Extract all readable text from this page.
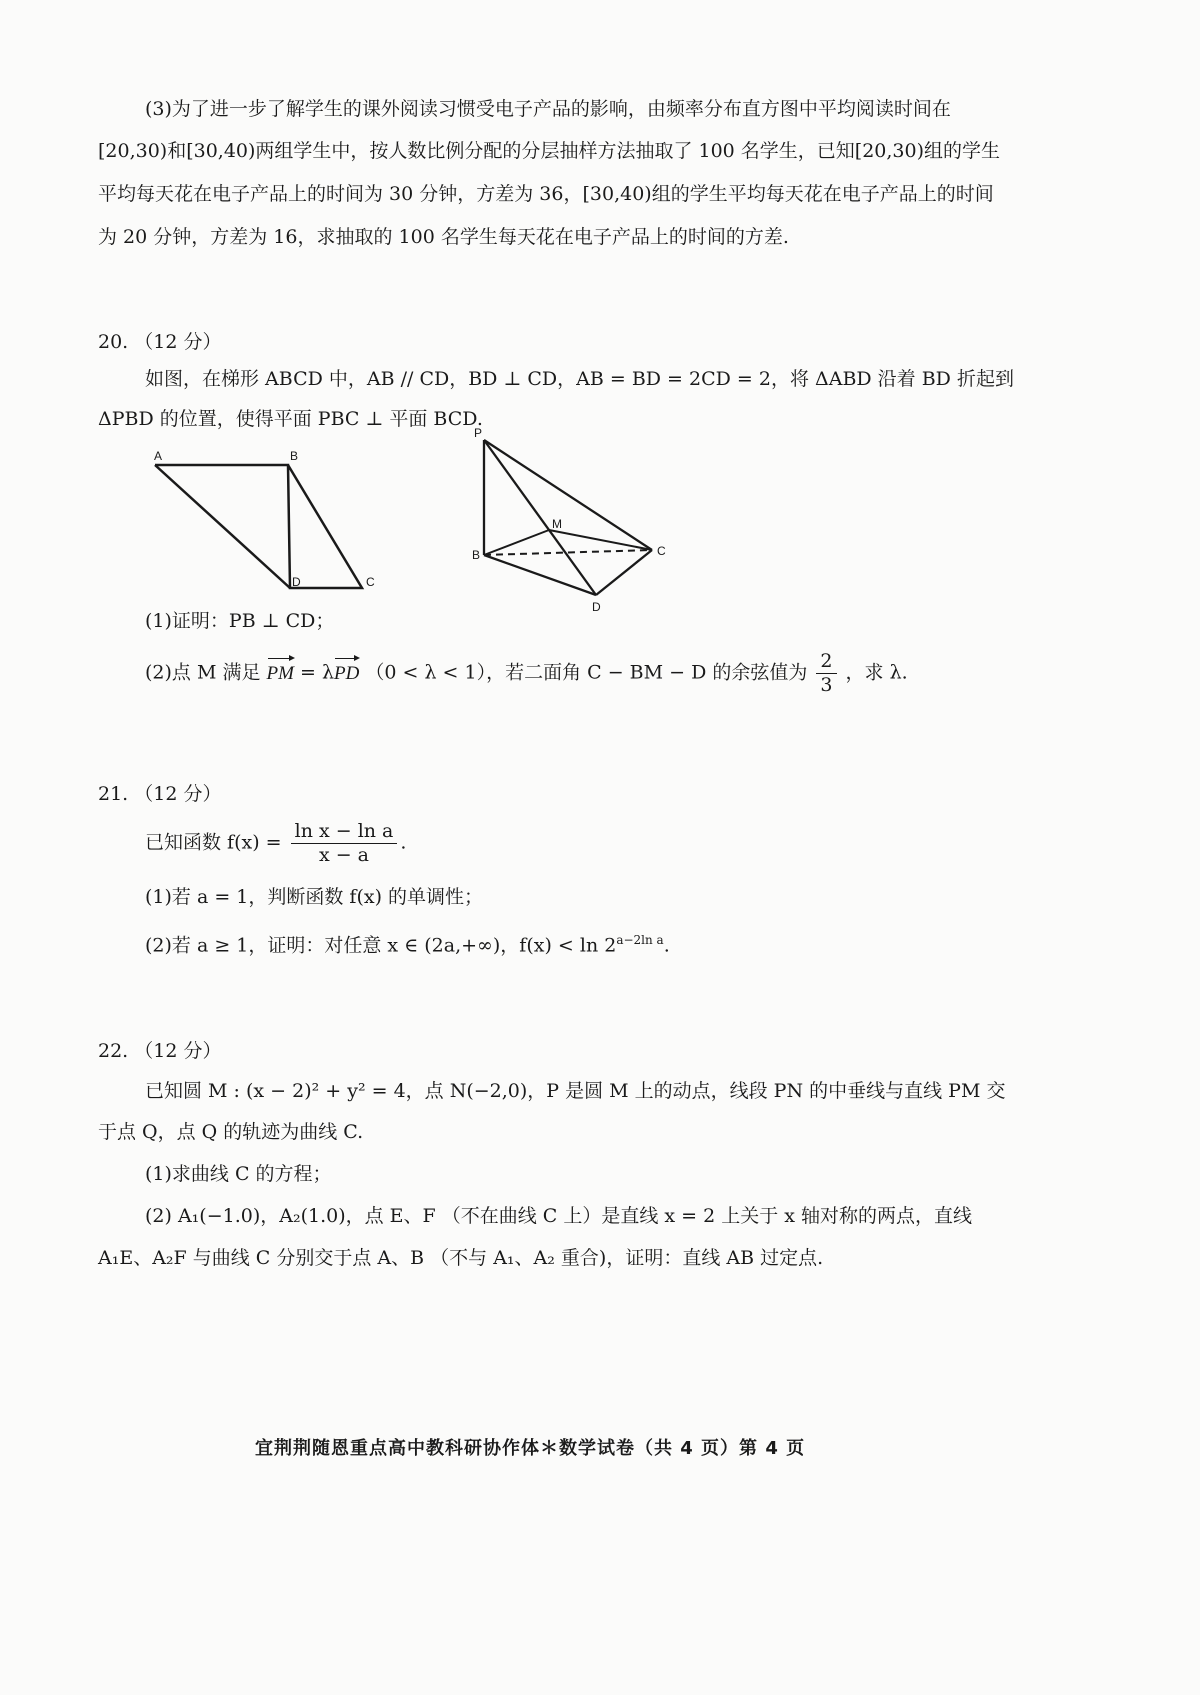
(3)为了进一步了解学生的课外阅读习惯受电子产品的影响，由频率分布直方图中平均阅读时间在
[20,30)和[30,40)两组学生中，按人数比例分配的分层抽样方法抽取了 100 名学生，已知[20,30)组的学生
平均每天花在电子产品上的时间为 30 分钟，方差为 36，[30,40)组的学生平均每天花在电子产品上的时间
为 20 分钟，方差为 16，求抽取的 100 名学生每天花在电子产品上的时间的方差.
20. （12 分）
如图，在梯形 ABCD 中，AB // CD，BD ⊥ CD，AB = BD = 2CD = 2，将 ΔABD 沿着 BD 折起到
ΔPBD 的位置，使得平面 PBC ⊥ 平面 BCD.
A	B
D	C
P
M
B	C
D
(1)证明：PB ⊥ CD；
(2)点 M 满足 PM = λPD （0 < λ < 1），若二面角 C − BM − D 的余弦值为 $\frac{2}{3}$ ，求 λ.
21. （12 分）
已知函数 $f(x) = \frac{\text{ln x − ln a}}{x - a}$ .
(1)若 a = 1，判断函数 f(x) 的单调性；
(2)若 a ≥ 1，证明：对任意 x ∈ (2a,+∞)，$f(x) < \ln 2^{a-2ln a}$.
22. （12 分）
已知圆 M : (x − 2)² + y² = 4，点 N(−2,0)，P 是圆 M 上的动点，线段 PN 的中垂线与直线 PM 交
于点 Q，点 Q 的轨迹为曲线 C.
(1)求曲线 C 的方程；
(2) A₁(−1.0)，A₂(1.0)，点 E、F （不在曲线 C 上）是直线 x = 2 上关于 x 轴对称的两点，直线
A₁E、A₂F 与曲线 C 分别交于点 A、B （不与 A₁、A₂ 重合)，证明：直线 AB 过定点.
宜荆荆随恩重点高中教科研协作体＊数学试卷（共 4 页）第 4 页
